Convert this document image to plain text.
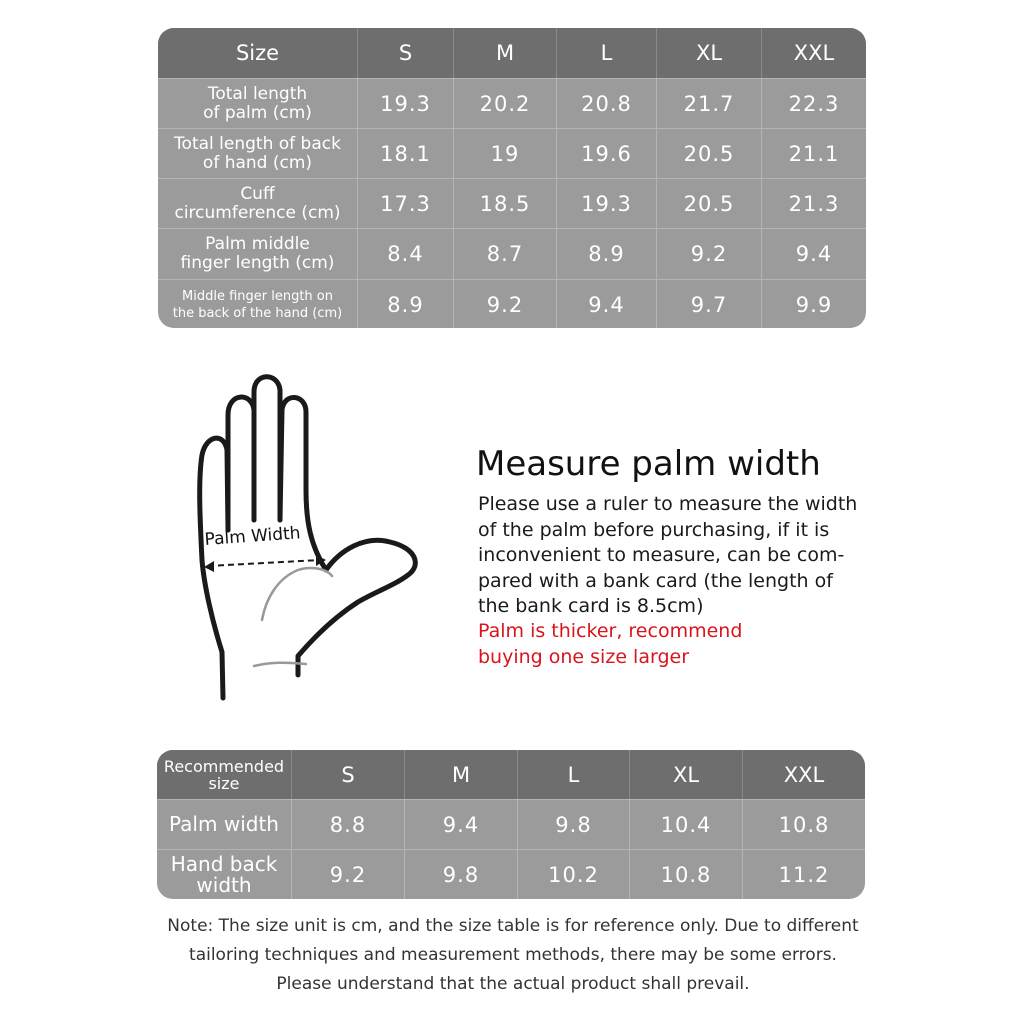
Size	S	M	L	XL	XXL
Total length
of palm (cm)	19.3	20.2	20.8	21.7	22.3
Total length of back
of hand (cm)	18.1	19	19.6	20.5	21.1
Cuff
circumference (cm)	17.3	18.5	19.3	20.5	21.3
Palm middle
finger length (cm)	8.4	8.7	8.9	9.2	9.4
Middle finger length on
the back of the hand (cm)	8.9	9.2	9.4	9.7	9.9
Palm Width
Measure palm width
Please use a ruler to measure the width
of the palm before purchasing, if it is
inconvenient to measure, can be com-
pared with a bank card (the length of
the bank card is 8.5cm)
Palm is thicker, recommend
buying one size larger
Recommended
size	S	M	L	XL	XXL
Palm width	8.8	9.4	9.8	10.4	10.8
Hand back
width	9.2	9.8	10.2	10.8	11.2
Note: The size unit is cm, and the size table is for reference only. Due to different
tailoring techniques and measurement methods, there may be some errors.
Please understand that the actual product shall prevail.
